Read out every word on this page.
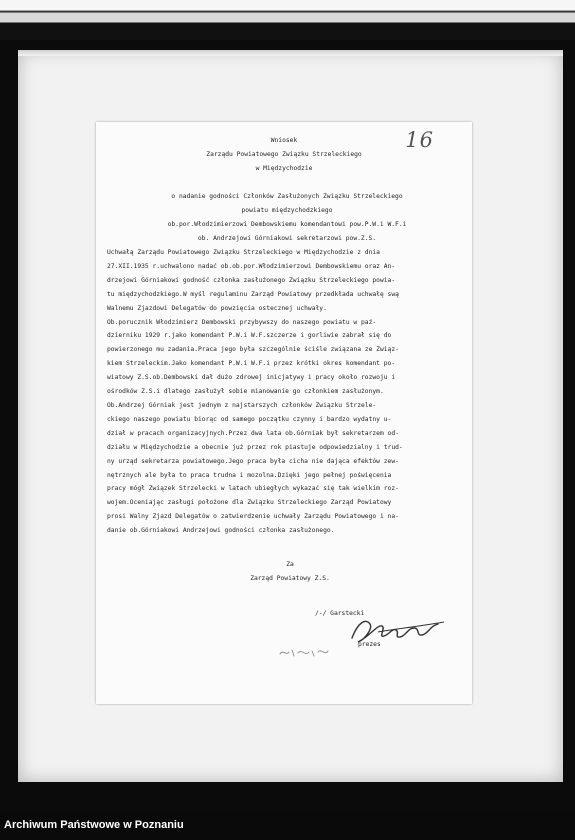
16
Wniosek
Zarządu Powiatowego Związku Strzeleckiego
w Międzychodzie
o nadanie godności Członków Zasłużonych Związku Strzeleckiego
powiatu międzychodzkiego
ob.por.Włodzimierzowi Dembowskiemu komendantowi pow.P.W.i W.F.i
ob. Andrzejowi Górniakowi sekretarzowi pow.Z.S.
Uchwałą Zarządu Powiatowego Związku Strzeleckiego w Międzychodzie z dnia
27.XII.1935 r.uchwalono nadać ob.ob.por.Włodzimierzowi Dembowskiemu oraz An-
drzejowi Górniakowi godność członka zasłużonego Związku Strzeleckiego powia-
tu międzychodzkiego.W myśl regulaminu Zarząd Powiatowy przedkłada uchwałę swą
Walnemu Zjazdowi Delegatów do powzięcia ostecznej uchwały.
Ob.porucznik Włodzimierz Dembowski przybywszy do naszego powiatu w paź-
dzierniku 1929 r.jako komendant P.W.i W.F.szczerze i gorliwie zabrał się do
powierzonego mu zadania.Praca jego była szczególnie ściśle związana ze Związ-
kiem Strzeleckim.Jako komendant P.W.i W.F.i przez krótki okres komendant po-
wiatowy Z.S.ob.Dembowski dał dużo zdrowej inicjatywy i pracy około rozwoju i
ośrodków Z.S.i dlatego zasłużył sobie mianowanie go członkiem zasłużonym.
Ob.Andrzej Górniak jest jednym z najstarszych członków Związku Strzele-
ckiego naszego powiatu biorąc od samego początku czynny i bardzo wydatny u-
dział w pracach organizacyjnych.Przez dwa lata ob.Górniak był sekretarzem od-
działu w Międzychodzie a obecnie już przez rok piastuje odpowiedzialny i trud-
ny urząd sekretarza powiatowego.Jego praca była cicha nie dająca efektów zew-
nętrznych ale była to praca trudna i mozolna.Dzięki jego pełnej poświęcenia
pracy mógł Związek Strzelecki w latach ubiegłych wykazać się tak wielkim roz-
wojem.Oceniając zasługi położone dla Związku Strzeleckiego Zarząd Powiatowy
prosi Walny Zjazd Delegatów o zatwierdzenie uchwały Zarządu Powiatowego i na-
danie ob.Górniakowi Andrzejowi godności członka zasłużonego.
Za
Zarząd Powiatowy Z.S.
/-/ Garstecki
prezes
Archiwum Państwowe w Poznaniu
